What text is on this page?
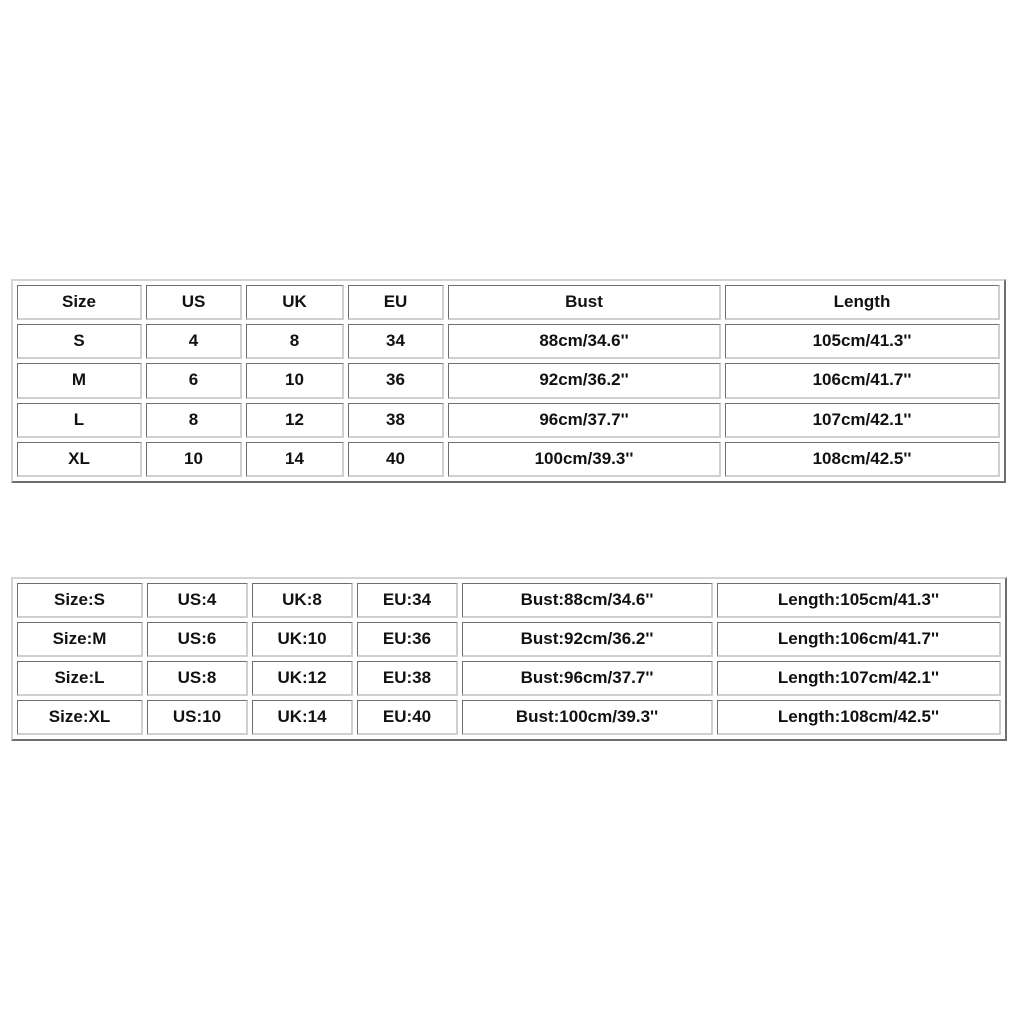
Size	US	UK	EU	Bust	Length
S	4	8	34	88cm/34.6''	105cm/41.3''
M	6	10	36	92cm/36.2''	106cm/41.7''
L	8	12	38	96cm/37.7''	107cm/42.1''
XL	10	14	40	100cm/39.3''	108cm/42.5''
Size:S	US:4	UK:8	EU:34	Bust:88cm/34.6''	Length:105cm/41.3''
Size:M	US:6	UK:10	EU:36	Bust:92cm/36.2''	Length:106cm/41.7''
Size:L	US:8	UK:12	EU:38	Bust:96cm/37.7''	Length:107cm/42.1''
Size:XL	US:10	UK:14	EU:40	Bust:100cm/39.3''	Length:108cm/42.5''
